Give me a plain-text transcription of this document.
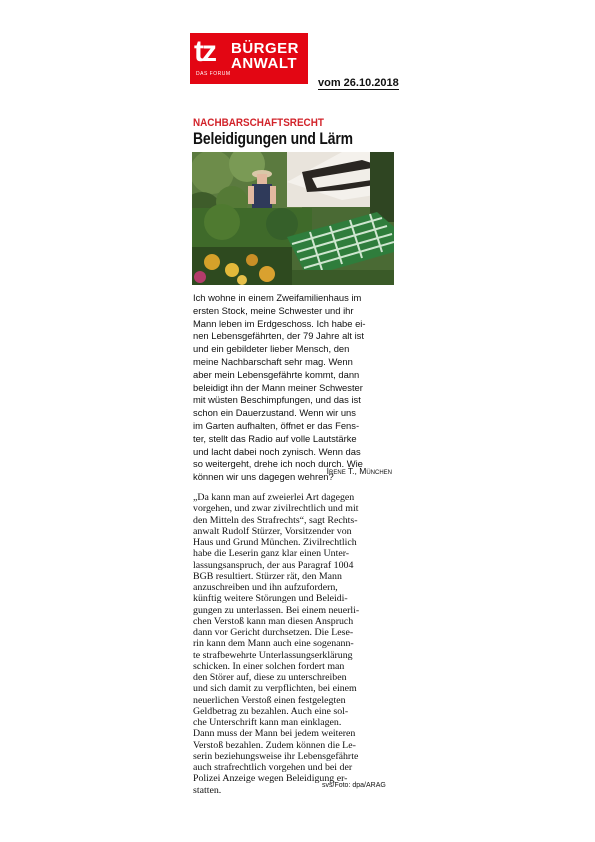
tz BÜRGER
ANWALT
DAS FORUM
vom 26.10.2018
NACHBARSCHAFTSRECHT
Beleidigungen und Lärm

Ich wohne in einem Zweifamilienhaus im

ersten Stock, meine Schwester und ihr

Mann leben im Erdgeschoss. Ich habe ei-

nen Lebensgefährten, der 79 Jahre alt ist

und ein gebildeter lieber Mensch, den

meine Nachbarschaft sehr mag. Wenn

aber mein Lebensgefährte kommt, dann

beleidigt ihn der Mann meiner Schwester

mit wüsten Beschimpfungen, und das ist

schon ein Dauerzustand. Wenn wir uns

im Garten aufhalten, öffnet er das Fens-

ter, stellt das Radio auf volle Lautstärke

und lacht dabei noch zynisch. Wenn das

so weitergeht, drehe ich noch durch. Wie

können wir uns dagegen wehren?

Irene T., München

„Da kann man auf zweierlei Art dagegen

vorgehen, und zwar zivilrechtlich und mit

den Mitteln des Strafrechts“, sagt Rechts-

anwalt Rudolf Stürzer, Vorsitzender von

Haus und Grund München. Zivilrechtlich

habe die Leserin ganz klar einen Unter-

lassungsanspruch, der aus Paragraf 1004

BGB resultiert. Stürzer rät, den Mann

anzuschreiben und ihn aufzufordern,

künftig weitere Störungen und Beleidi-

gungen zu unterlassen. Bei einem neuerli-

chen Verstoß kann man diesen Anspruch

dann vor Gericht durchsetzen. Die Lese-

rin kann dem Mann auch eine sogenann-

te strafbewehrte Unterlassungserklärung

schicken. In einer solchen fordert man

den Störer auf, diese zu unterschreiben

und sich damit zu verpflichten, bei einem

neuerlichen Verstoß einen festgelegten

Geldbetrag zu bezahlen. Auch eine sol-

che Unterschrift kann man einklagen.

Dann muss der Mann bei jedem weiteren

Verstoß bezahlen. Zudem können die Le-

serin beziehungsweise ihr Lebensgefährte

auch strafrechtlich vorgehen und bei der

Polizei Anzeige wegen Beleidigung er-

statten.	svs/Foto: dpa/ARAG
